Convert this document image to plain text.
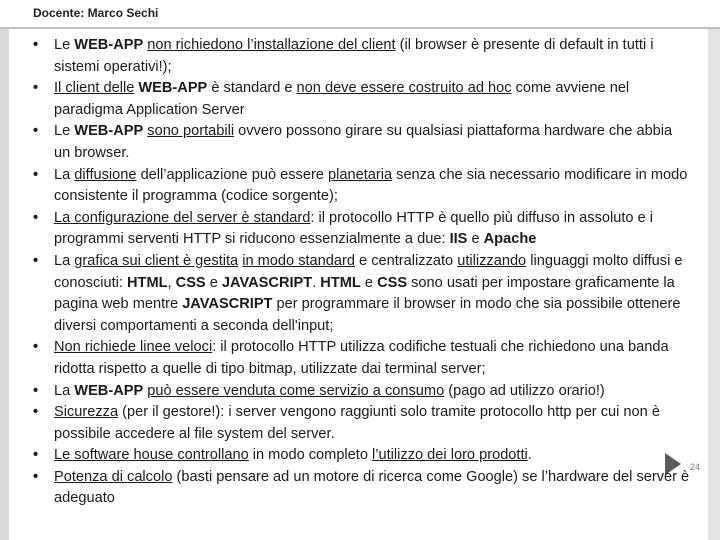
Docente: Marco Sechi
24
• Le WEB-APP non richiedono l’installazione del client (il browser è presente di default in tutti i sistemi operativi!);
• Il client delle WEB-APP è standard e non deve essere costruito ad hoc come avviene nel paradigma Application Server
• Le WEB-APP sono portabili ovvero possono girare su qualsiasi piattaforma hardware che abbia un browser.
• La diffusione dell’applicazione può essere planetaria senza che sia necessario modificare in modo consistente il programma (codice sorgente);
• La configurazione del server è standard: il protocollo HTTP è quello più diffuso in assoluto e i programmi serventi HTTP si riducono essenzialmente a due: IIS e Apache
• La grafica sui client è gestita in modo standard e centralizzato utilizzando linguaggi molto diffusi e conosciuti: HTML, CSS e JAVASCRIPT. HTML e CSS sono usati per impostare graficamente la pagina web mentre JAVASCRIPT per programmare il browser in modo che sia possibile ottenere diversi comportamenti a seconda dell'input;
• Non richiede linee veloci: il protocollo HTTP utilizza codifiche testuali che richiedono una banda ridotta rispetto a quelle di tipo bitmap, utilizzate dai terminal server;
• La WEB-APP può essere venduta come servizio a consumo (pago ad utilizzo orario!)
• Sicurezza (per il gestore!): i server vengono raggiunti solo tramite protocollo http per cui non è possibile accedere al file system del server.
• Le software house controllano in modo completo l’utilizzo dei loro prodotti.
• Potenza di calcolo (basti pensare ad un motore di ricerca come Google) se l’hardware del server è adeguato
